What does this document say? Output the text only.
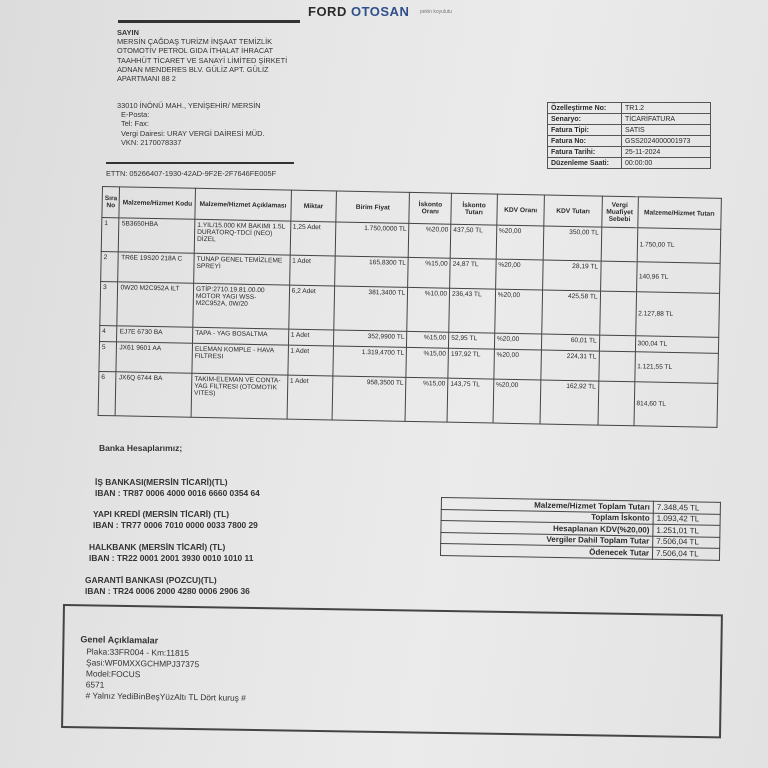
FORD OTOSAN pekin koyulutu
SAYIN
MERSİN ÇAĞDAŞ TURİZM İNŞAAT TEMİZLİK
OTOMOTİV PETROL GIDA İTHALAT İHRACAT
TAAHHÜT TİCARET VE SANAYİ LİMİTED ŞİRKETİ
ADNAN MENDERES BLV. GÜLİZ APT. GÜLİZ
APARTMANI 88 2
33010 İNÖNÜ MAH., YENİŞEHİR/ MERSİN
E-Posta:
Tel: Fax:
Vergi Dairesi: URAY VERGİ DAİRESİ MÜD.
VKN: 2170078337
ETTN: 05266407-1930-42AD-9F2E-2F7646FE005F
Özelleştirme No:	TR1.2
Senaryo:	TİCARİFATURA
Fatura Tipi:	SATIS
Fatura No:	GSS2024000001973
Fatura Tarihi:	25-11-2024
Düzenleme Saati:	00:00:00
Sıra No	Malzeme/Hizmet Kodu	Malzeme/Hizmet Açıklaması	Miktar	Birim Fiyat	İskonto Oranı	İskonto Tutarı	KDV Oranı	KDV Tutarı	Vergi Muafiyet Sebebi	Malzeme/Hizmet Tutarı
1	5B3650HBA	1.YIL/15.000 KM BAKIMI 1.5L DURATORQ-TDCİ (NEO) DİZEL	1,25 Adet	1.750,0000 TL	%20,00	437,50 TL	%20,00	350,00 TL		1.750,00 TL
2	TR6E 19S20 218A C	TUNAP GENEL TEMİZLEME SPREYİ	1 Adet	165,8300 TL	%15,00	24,87 TL	%20,00	28,19 TL		140,96 TL
3	0W20 M2C952A ILT	GTİP:2710.19.81.00.00 MOTOR YAGI WSS-M2C952A, 0W/20	6,2 Adet	381,3400 TL	%10,00	236,43 TL	%20,00	425,58 TL		2.127,88 TL
4	EJ7E 6730 BA	TAPA - YAG BOSALTMA	1 Adet	352,9900 TL	%15,00	52,95 TL	%20,00	60,01 TL		300,04 TL
5	JX61 9601 AA	ELEMAN KOMPLE - HAVA FILTRESI	1 Adet	1.319,4700 TL	%15,00	197,92 TL	%20,00	224,31 TL		1.121,55 TL
6	JX6Q 6744 BA	TAKIM-ELEMAN VE CONTA-YAG FILTRESI (OTOMOTIK VITES)	1 Adet	958,3500 TL	%15,00	143,75 TL	%20,00	162,92 TL		814,60 TL
Banka Hesaplarımız;
İŞ BANKASI(MERSİN TİCARİ)(TL)
IBAN : TR87 0006 4000 0016 6660 0354 64
YAPI KREDİ (MERSİN TİCARİ) (TL)
IBAN : TR77 0006 7010 0000 0033 7800 29
HALKBANK (MERSİN TİCARİ) (TL)
IBAN : TR22 0001 2001 3930 0010 1010 11
GARANTİ BANKASI (POZCU)(TL)
IBAN : TR24 0006 2000 4280 0006 2906 36
Malzeme/Hizmet Toplam Tutarı	7.348,45 TL
Toplam İskonto	1.093,42 TL
Hesaplanan KDV(%20,00)	1.251,01 TL
Vergiler Dahil Toplam Tutar	7.506,04 TL
Ödenecek Tutar	7.506,04 TL
Genel Açıklamalar
Plaka:33FR004 - Km:11815
Şasi:WF0MXXGCHMPJ37375
Model:FOCUS
6571
# Yalnız YediBinBeşYüzAltı TL Dört kuruş #
